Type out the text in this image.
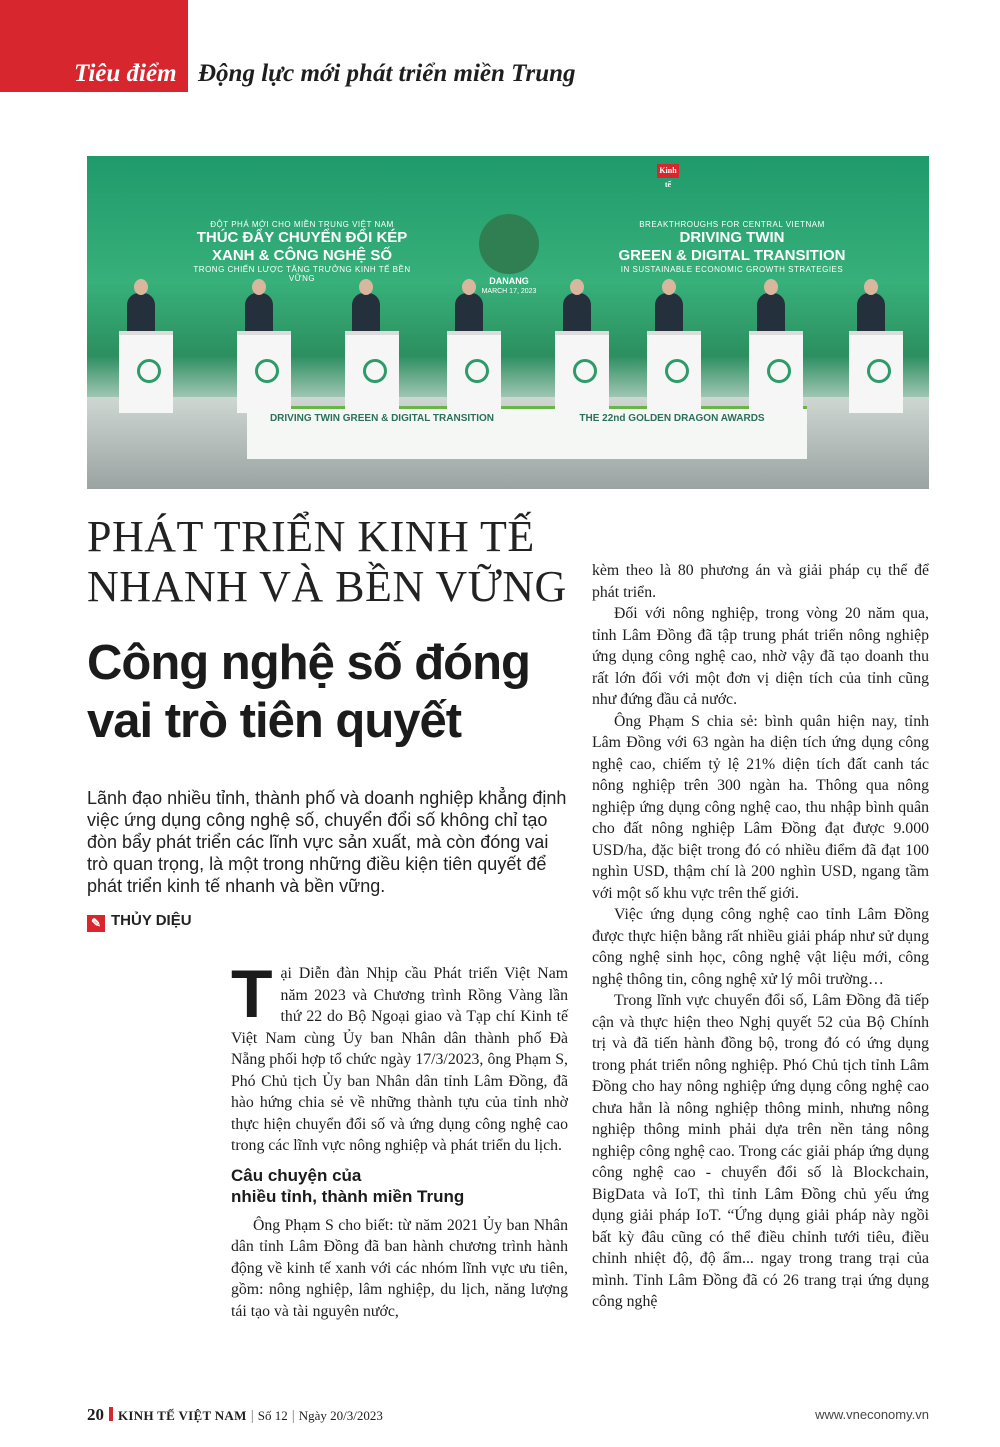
Tiêu điểm Động lực mới phát triển miền Trung
Kinh tế
ĐỘT PHÁ MỚI CHO MIỀN TRUNG VIỆT NAM
THÚC ĐẨY CHUYỂN ĐỔI KÉP
XANH & CÔNG NGHỆ SỐ
TRONG CHIẾN LƯỢC TĂNG TRƯỞNG KINH TẾ BỀN VỮNG
BREAKTHROUGHS FOR CENTRAL VIETNAM
DRIVING TWIN
GREEN & DIGITAL TRANSITION
IN SUSTAINABLE ECONOMIC GROWTH STRATEGIES
DANANG
MARCH 17, 2023
DRIVING TWIN GREEN & DIGITAL TRANSITION	THE 22nd GOLDEN DRAGON AWARDS
PHÁT TRIỂN KINH TẾ
NHANH VÀ BỀN VỮNG
Công nghệ số đóng
vai trò tiên quyết
Lãnh đạo nhiều tỉnh, thành phố và doanh nghiệp khẳng định việc ứng dụng công nghệ số, chuyển đổi số không chỉ tạo đòn bẩy phát triển các lĩnh vực sản xuất, mà còn đóng vai trò quan trọng, là một trong những điều kiện tiên quyết để phát triển kinh tế nhanh và bền vững.
✎ THỦY DIỆU

Tại Diễn đàn Nhịp cầu Phát triển Việt Nam năm 2023 và Chương trình Rồng Vàng lần thứ 22 do Bộ Ngoại giao và Tạp chí Kinh tế Việt Nam cùng Ủy ban Nhân dân thành phố Đà Nẵng phối hợp tổ chức ngày 17/3/2023, ông Phạm S, Phó Chủ tịch Ủy ban Nhân dân tỉnh Lâm Đồng, đã hào hứng chia sẻ về những thành tựu của tỉnh nhờ thực hiện chuyển đổi số và ứng dụng công nghệ cao trong các lĩnh vực nông nghiệp và phát triển du lịch.

Câu chuyện của
nhiều tỉnh, thành miền Trung

Ông Phạm S cho biết: từ năm 2021 Ủy ban Nhân dân tỉnh Lâm Đồng đã ban hành chương trình hành động về kinh tế xanh với các nhóm lĩnh vực ưu tiên, gồm: nông nghiệp, lâm nghiệp, du lịch, năng lượng tái tạo và tài nguyên nước,

kèm theo là 80 phương án và giải pháp cụ thể để phát triển.

Đối với nông nghiệp, trong vòng 20 năm qua, tỉnh Lâm Đồng đã tập trung phát triển nông nghiệp ứng dụng công nghệ cao, nhờ vậy đã tạo doanh thu rất lớn đối với một đơn vị diện tích của tỉnh cũng như đứng đầu cả nước.

Ông Phạm S chia sẻ: bình quân hiện nay, tỉnh Lâm Đồng với 63 ngàn ha diện tích ứng dụng công nghệ cao, chiếm tỷ lệ 21% diện tích đất canh tác nông nghiệp trên 300 ngàn ha. Thông qua nông nghiệp ứng dụng công nghệ cao, thu nhập bình quân cho đất nông nghiệp Lâm Đồng đạt được 9.000 USD/ha, đặc biệt trong đó có nhiều điểm đã đạt 100 nghìn USD, thậm chí là 200 nghìn USD, ngang tầm với một số khu vực trên thế giới.

Việc ứng dụng công nghệ cao tỉnh Lâm Đồng được thực hiện bằng rất nhiều giải pháp như sử dụng công nghệ sinh học, công nghệ vật liệu mới, công nghệ thông tin, công nghệ xử lý môi trường…

Trong lĩnh vực chuyển đổi số, Lâm Đồng đã tiếp cận và thực hiện theo Nghị quyết 52 của Bộ Chính trị và đã tiến hành đồng bộ, trong đó có ứng dụng trong phát triển nông nghiệp. Phó Chủ tịch tỉnh Lâm Đồng cho hay nông nghiệp ứng dụng công nghệ cao chưa hẳn là nông nghiệp thông minh, nhưng nông nghiệp thông minh phải dựa trên nền tảng nông nghiệp công nghệ cao. Trong các giải pháp ứng dụng công nghệ cao - chuyển đổi số là Blockchain, BigData và IoT, thì tỉnh Lâm Đồng chủ yếu ứng dụng giải pháp IoT. “Ứng dụng giải pháp này ngồi bất kỳ đâu cũng có thể điều chỉnh tưới tiêu, điều chỉnh nhiệt độ, độ ẩm... ngay trong trang trại của mình. Tỉnh Lâm Đồng đã có 26 trang trại ứng dụng công nghệ

20 KINH TẾ VIỆT NAM | Số 12 | Ngày 20/3/2023	www.vneconomy.vn
